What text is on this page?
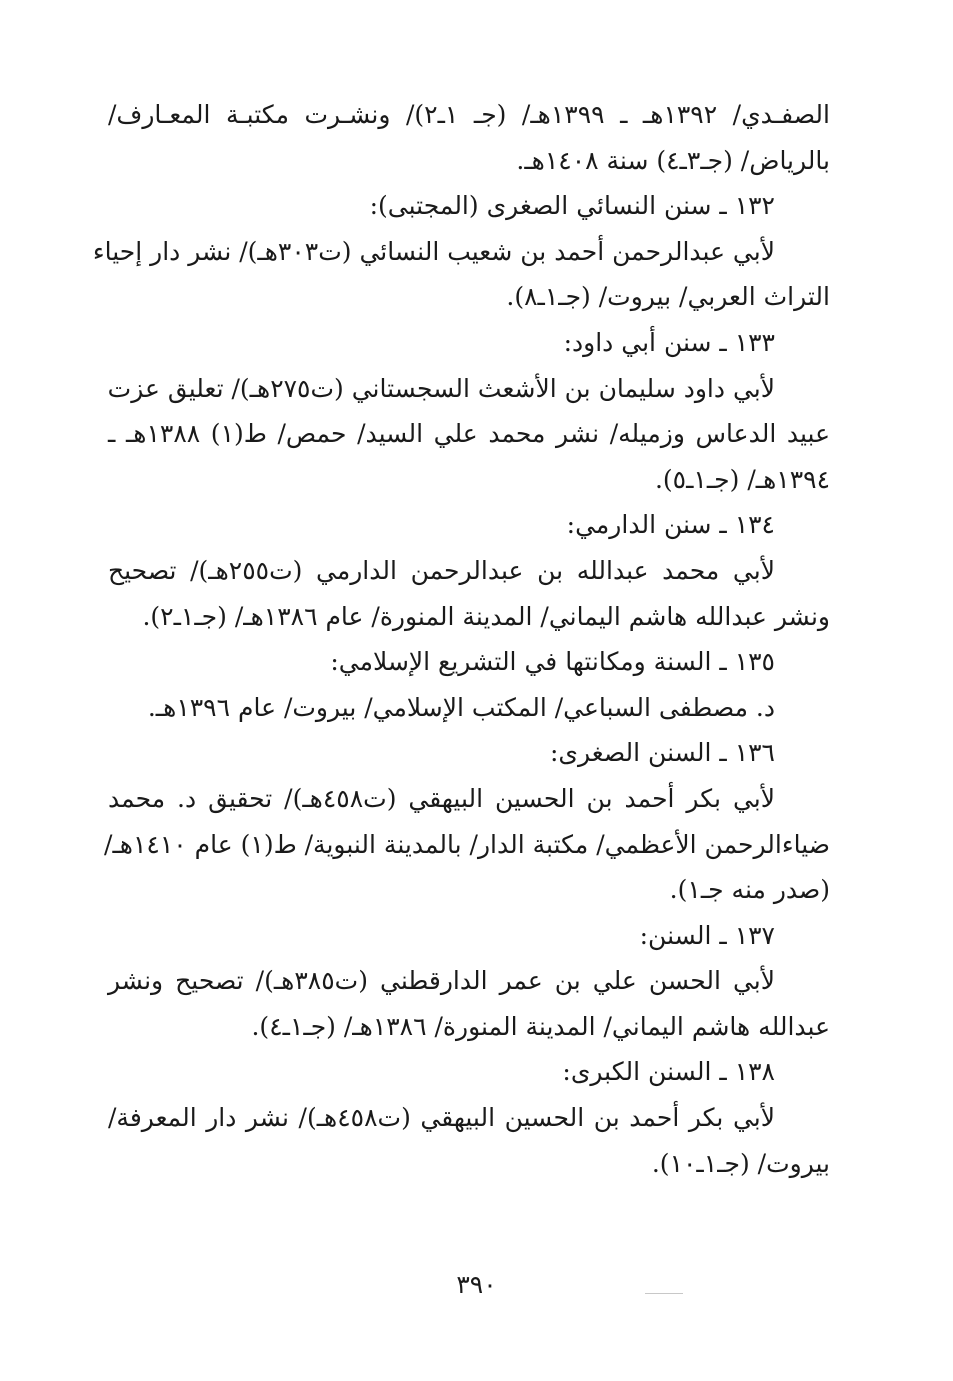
الصفـدي/ ١٣٩٢هـ ـ ١٣٩٩هـ/ (جـ ١ـ٢)/ ونشـرت مكتبـة المعـارف/
بالرياض/ (جـ٣ـ٤) سنة ١٤٠٨هـ.
١٣٢ ـ سنن النسائي الصغرى (المجتبى):
لأبي عبدالرحمن أحمد بن شعيب النسائي (ت٣٠٣هـ)/ نشر دار إحياء
التراث العربي/ بيروت/ (جـ١ـ٨).
١٣٣ ـ سنن أبي داود:
لأبي داود سليمان بن الأشعث السجستاني (ت٢٧٥هـ)/ تعليق عزت
عبيد الدعاس وزميله/ نشر محمد علي السيد/ حمص/ ط(١) ١٣٨٨هـ ـ
١٣٩٤هـ/ (جـ١ـ٥).
١٣٤ ـ سنن الدارمي:
لأبي محمد عبدالله بن عبدالرحمن الدارمي (ت٢٥٥هـ)/ تصحيح
ونشر عبدالله هاشم اليماني/ المدينة المنورة/ عام ١٣٨٦هـ/ (جـ١ـ٢).
١٣٥ ـ السنة ومكانتها في التشريع الإسلامي:
د. مصطفى السباعي/ المكتب الإسلامي/ بيروت/ عام ١٣٩٦هـ.
١٣٦ ـ السنن الصغرى:
لأبي بكر أحمد بن الحسين البيهقي (ت٤٥٨هـ)/ تحقيق د. محمد
ضياءالرحمن الأعظمي/ مكتبة الدار/ بالمدينة النبوية/ ط(١) عام ١٤١٠هـ/
(صدر منه جـ١).
١٣٧ ـ السنن:
لأبي الحسن علي بن عمر الدارقطني (ت٣٨٥هـ)/ تصحيح ونشر
عبدالله هاشم اليماني/ المدينة المنورة/ ١٣٨٦هـ/ (جـ١ـ٤).
١٣٨ ـ السنن الكبرى:
لأبي بكر أحمد بن الحسين البيهقي (ت٤٥٨هـ)/ نشر دار المعرفة/
بيروت/ (جـ١ـ١٠).
٣٩٠
